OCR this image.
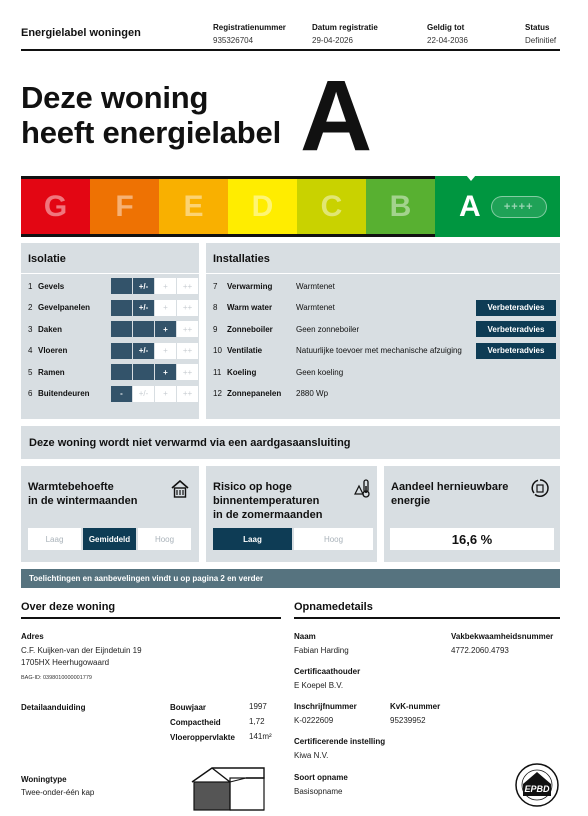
Energielabel woningen	Registratienummer
935326704
Datum registratie
29-04-2026
Geldig tot
22-04-2036
Status
Definitief
Deze woning
heeft energielabel A
G F E D C B A	++++
Isolatie
1 Gevels	+/-	+	++
2 Gevelpanelen	+/-	+	++
3 Daken	+	++
4 Vloeren	+/-	+	++
5 Ramen	+	++
6 Buitendeuren	-	+/-	+	++
Installaties
7	Verwarming	Warmtenet
8	Warm water	Warmtenet	Verbeteradvies
9	Zonneboiler	Geen zonneboiler	Verbeteradvies
10 Ventilatie	Natuurlijke toevoer met mechanische afzuiging	Verbeteradvies
11 Koeling	Geen koeling
12 Zonnepanelen	2880 Wp
Deze woning wordt niet verwarmd via een aardgasaansluiting
Warmtebehoefte
in de wintermaanden
Laag	Gemiddeld	Hoog
Risico op hoge
binnentemperaturen
in de zomermaanden
Laag	Hoog
Aandeel hernieuwbare
energie
16,6 %
Toelichtingen en aanbevelingen vindt u op pagina 2 en verder
Over deze woning
Adres
C.F. Kuijken-van der Eijndetuin 19
1705HX Heerhugowaard
BAG-ID: 0398010000001779
Detailaanduiding	Bouwjaar	1997
Compactheid	1,72
Vloeroppervlakte 141m²
Woningtype
Twee-onder-één kap
Opnamedetails
Naam
Fabian Harding
Vakbekwaamheidsnummer
4772.2060.4793
Certificaathouder
E Koepel B.V.
Inschrijfnummer
K-0222609
KvK-nummer
95239952
Certificerende instelling
Kiwa N.V.
Soort opname
Basisopname	EPBD
